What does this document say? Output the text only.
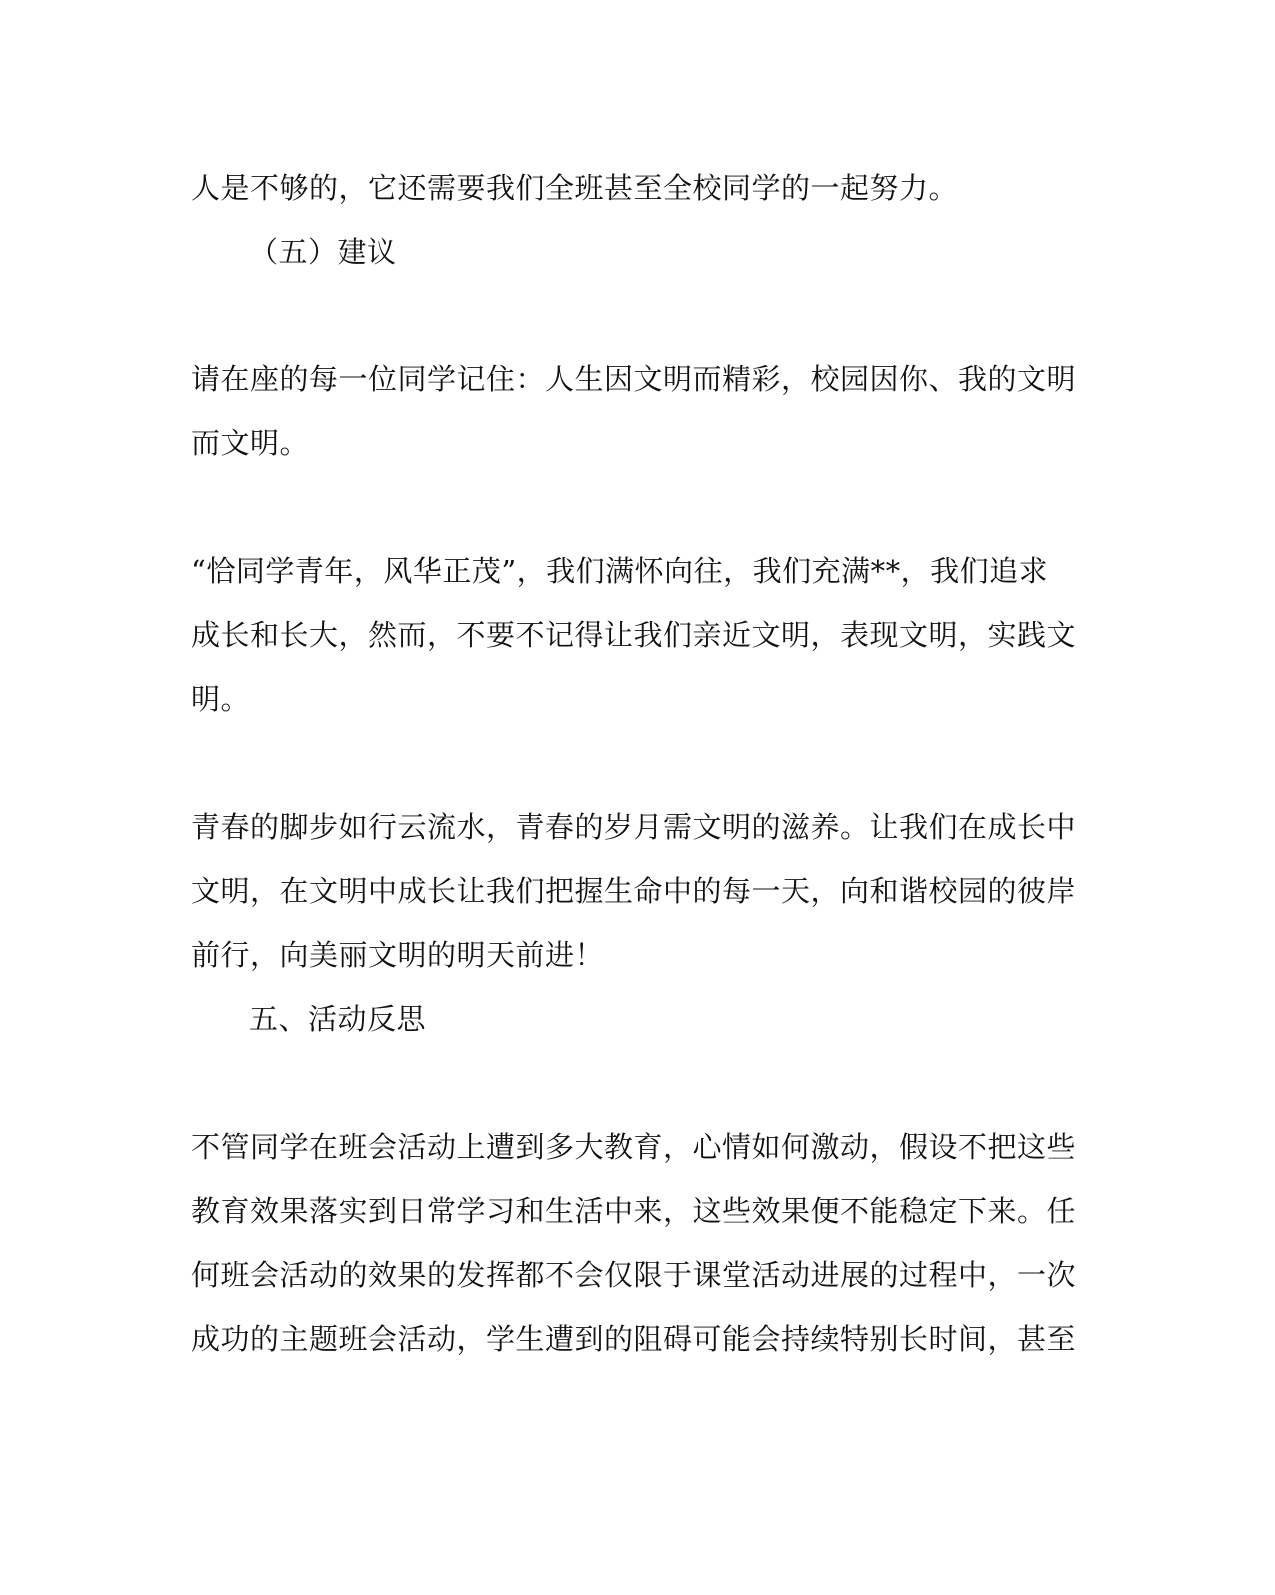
人是不够的，它还需要我们全班甚至全校同学的一起努力。
（五）建议
请在座的每一位同学记住：人生因文明而精彩，校园因你、我的文明
而文明。
“恰同学青年，风华正茂”，我们满怀向往，我们充满**，我们追求
成长和长大，然而，不要不记得让我们亲近文明，表现文明，实践文
明。
青春的脚步如行云流水，青春的岁月需文明的滋养。让我们在成长中
文明，在文明中成长让我们把握生命中的每一天，向和谐校园的彼岸
前行，向美丽文明的明天前进！
五、活动反思
不管同学在班会活动上遭到多大教育，心情如何激动，假设不把这些
教育效果落实到日常学习和生活中来，这些效果便不能稳定下来。任
何班会活动的效果的发挥都不会仅限于课堂活动进展的过程中，一次
成功的主题班会活动，学生遭到的阻碍可能会持续特别长时间，甚至
